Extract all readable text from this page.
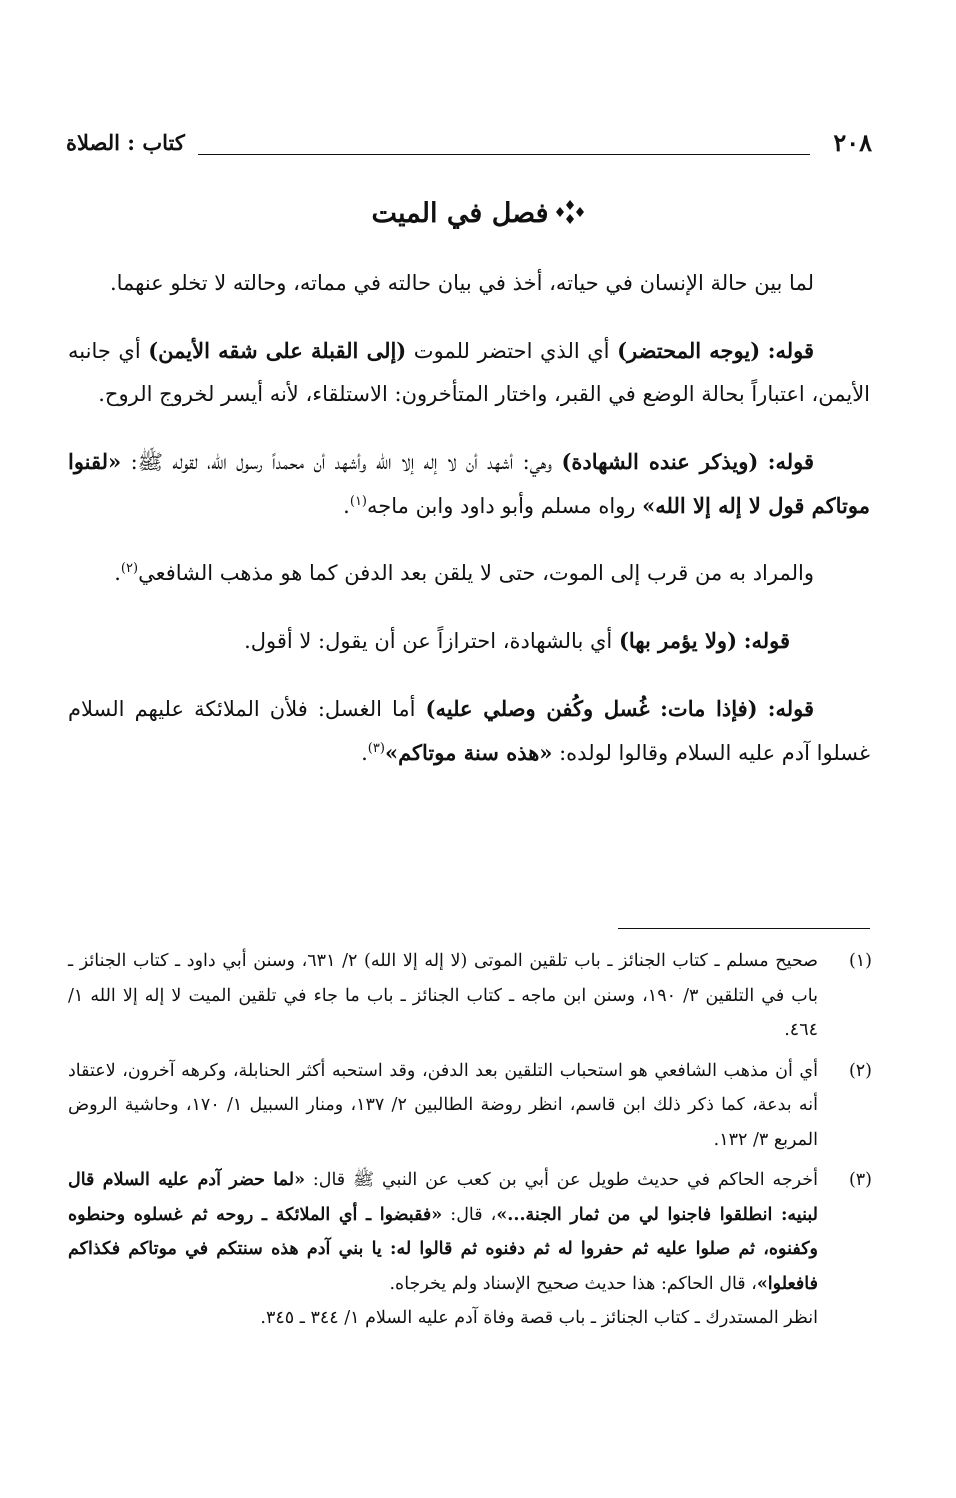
٢٠٨
كتاب : الصلاة
فصل في الميت

لما بين حالة الإنسان في حياته، أخذ في بيان حالته في مماته، وحالته لا تخلو عنهما.

قوله: (يوجه المحتضر) أي الذي احتضر للموت (إلى القبلة على شقه الأيمن) أي جانبه الأيمن، اعتباراً بحالة الوضع في القبر، واختار المتأخرون: الاستلقاء، لأنه أيسر لخروج الروح.

قوله: (ويذكر عنده الشهادة) وهي: أشهد أن لا إله إلا الله وأشهد أن محمداً رسول الله، لقوله ﷺ: «لقنوا موتاكم قول لا إله إلا الله» رواه مسلم وأبو داود وابن ماجه$^{(١)}$.

والمراد به من قرب إلى الموت، حتى لا يلقن بعد الدفن كما هو مذهب الشافعي$^{(٢)}$.

قوله: (ولا يؤمر بها) أي بالشهادة، احترازاً عن أن يقول: لا أقول.

قوله: (فإذا مات: غُسل وكُفن وصلي عليه) أما الغسل: فلأن الملائكة عليهم السلام غسلوا آدم عليه السلام وقالوا لولده: «هذه سنة موتاكم»$^{(٣)}$.

(١)
صحيح مسلم ـ كتاب الجنائز ـ باب تلقين الموتى (لا إله إلا الله) ٢/ ٦٣١، وسنن أبي داود ـ كتاب الجنائز ـ باب في التلقين ٣/ ١٩٠، وسنن ابن ماجه ـ كتاب الجنائز ـ باب ما جاء في تلقين الميت لا إله إلا الله ١/ ٤٦٤.
(٢)
أي أن مذهب الشافعي هو استحباب التلقين بعد الدفن، وقد استحبه أكثر الحنابلة، وكرهه آخرون، لاعتقاد أنه بدعة، كما ذكر ذلك ابن قاسم، انظر روضة الطالبين ٢/ ١٣٧، ومنار السبيل ١/ ١٧٠، وحاشية الروض المربع ٣/ ١٣٢.
(٣)
أخرجه الحاكم في حديث طويل عن أبي بن كعب عن النبي ﷺ قال: «لما حضر آدم عليه السلام قال لبنيه: انطلقوا فاجنوا لي من ثمار الجنة...»، قال: «فقبضوا ـ أي الملائكة ـ روحه ثم غسلوه وحنطوه وكفنوه، ثم صلوا عليه ثم حفروا له ثم دفنوه ثم قالوا له: يا بني آدم هذه سنتكم في موتاكم فكذاكم فافعلوا»، قال الحاكم: هذا حديث صحيح الإسناد ولم يخرجاه.
انظر المستدرك ـ كتاب الجنائز ـ باب قصة وفاة آدم عليه السلام ١/ ٣٤٤ ـ ٣٤٥.
